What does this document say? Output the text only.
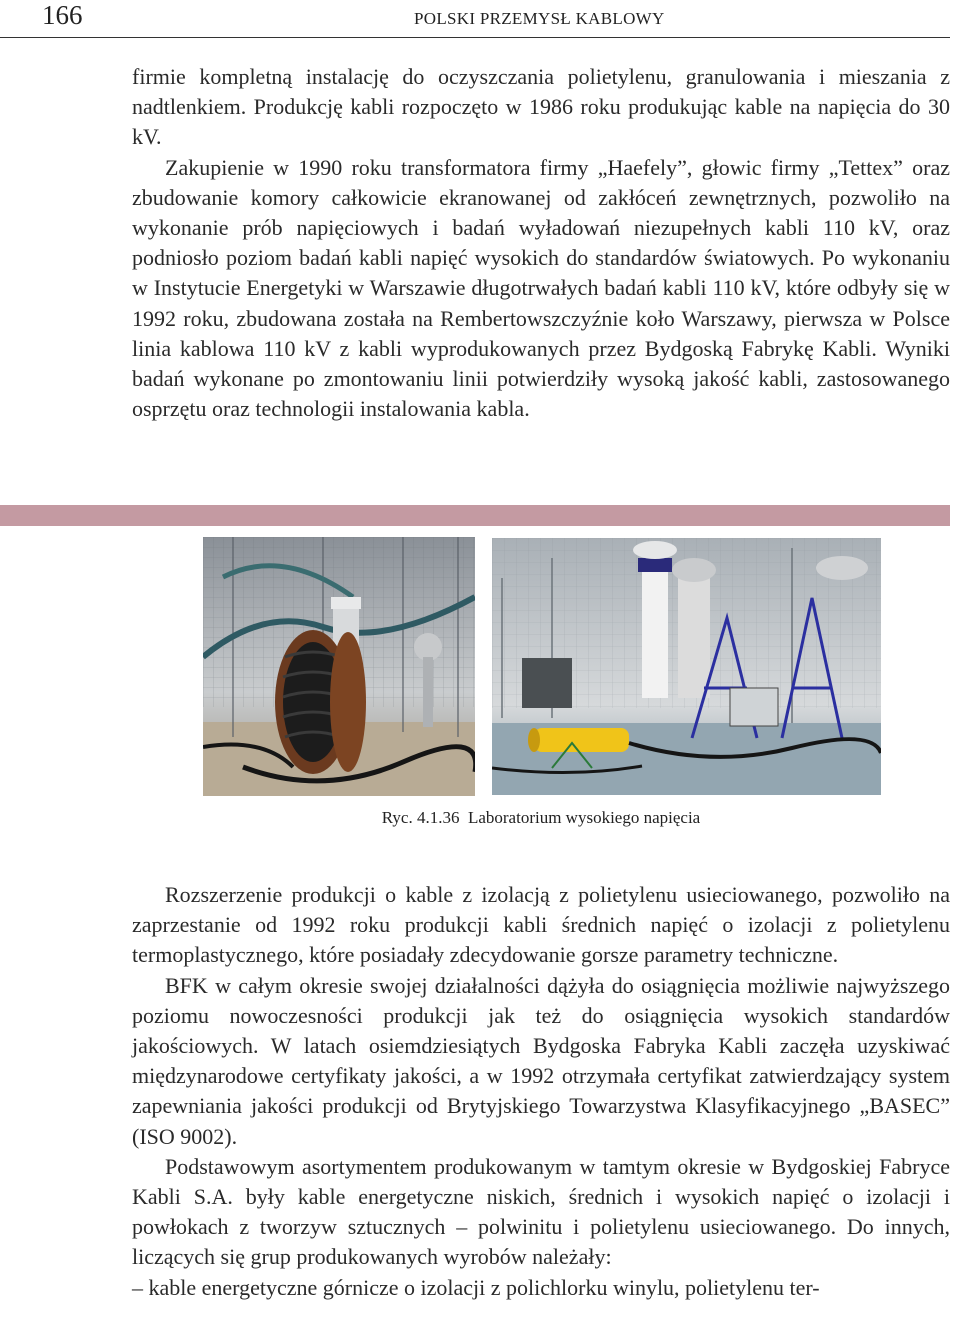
166	POLSKI PRZEMYSŁ KABLOWY

firmie kompletną instalację do oczyszczania polietylenu, granulowania i mieszania z nadtlenkiem. Produkcję kabli rozpoczęto w 1986 roku produkując kable na napięcia do 30 kV.

Zakupienie w 1990 roku transformatora firmy „Haefely”, głowic firmy „Tettex” oraz zbudowanie komory całkowicie ekranowanej od zakłóceń zewnętrznych, pozwoliło na wykonanie prób napięciowych i badań wyładowań niezupełnych kabli 110 kV, oraz podniosło poziom badań kabli napięć wysokich do standardów światowych. Po wykonaniu w Instytucie Energetyki w Warszawie długotrwałych badań kabli 110 kV, które odbyły się w 1992 roku, zbudowana została na Rembertowszczyźnie koło Warszawy, pierwsza w Polsce linia kablowa 110 kV z kabli wyprodukowanych przez Bydgoską Fabrykę Kabli. Wyniki badań wykonane po zmontowaniu linii potwierdziły wysoką jakość kabli, zastosowanego osprzętu oraz technologii instalowania kabla.

Ryc. 4.1.36 Laboratorium wysokiego napięcia

Rozszerzenie produkcji o kable z izolacją z polietylenu usieciowanego, pozwoliło na zaprzestanie od 1992 roku produkcji kabli średnich napięć o izolacji z polietylenu termoplastycznego, które posiadały zdecydowanie gorsze parametry techniczne.

BFK w całym okresie swojej działalności dążyła do osiągnięcia możliwie najwyższego poziomu nowoczesności produkcji jak też do osiągnięcia wysokich standardów jakościowych. W latach osiemdziesiątych Bydgoska Fabryka Kabli zaczęła uzyskiwać międzynarodowe certyfikaty jakości, a w 1992 otrzymała certyfikat zatwierdzający system zapewniania jakości produkcji od Brytyjskiego Towarzystwa Klasyfikacyjnego „BASEC” (ISO 9002).

Podstawowym asortymentem produkowanym w tamtym okresie w Bydgoskiej Fabryce Kabli S.A. były kable energetyczne niskich, średnich i wysokich napięć o izolacji i powłokach z tworzyw sztucznych – polwinitu i polietylenu usieciowanego. Do innych, liczących się grup produkowanych wyrobów należały:

– kable energetyczne górnicze o izolacji z polichlorku winylu, polietylenu ter-
